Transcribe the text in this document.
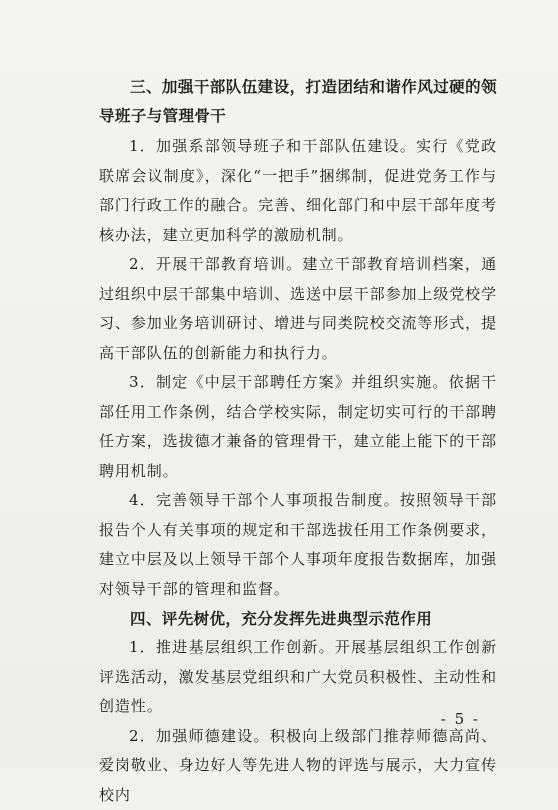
三、加强干部队伍建设，打造团结和谐作风过硬的领导班子与管理骨干

1．加强系部领导班子和干部队伍建设。实行《党政联席会议制度》，深化“一把手”捆绑制，促进党务工作与部门行政工作的融合。完善、细化部门和中层干部年度考核办法，建立更加科学的激励机制。

2．开展干部教育培训。建立干部教育培训档案，通过组织中层干部集中培训、选送中层干部参加上级党校学习、参加业务培训研讨、增进与同类院校交流等形式，提高干部队伍的创新能力和执行力。

3．制定《中层干部聘任方案》并组织实施。依据干部任用工作条例，结合学校实际，制定切实可行的干部聘任方案，选拔德才兼备的管理骨干，建立能上能下的干部聘用机制。

4．完善领导干部个人事项报告制度。按照领导干部报告个人有关事项的规定和干部选拔任用工作条例要求，建立中层及以上领导干部个人事项年度报告数据库，加强对领导干部的管理和监督。

四、评先树优，充分发挥先进典型示范作用

1．推进基层组织工作创新。开展基层组织工作创新评选活动，激发基层党组织和广大党员积极性、主动性和创造性。

2．加强师德建设。积极向上级部门推荐师德高尚、爱岗敬业、身边好人等先进人物的评选与展示，大力宣传校内

- 5 -
